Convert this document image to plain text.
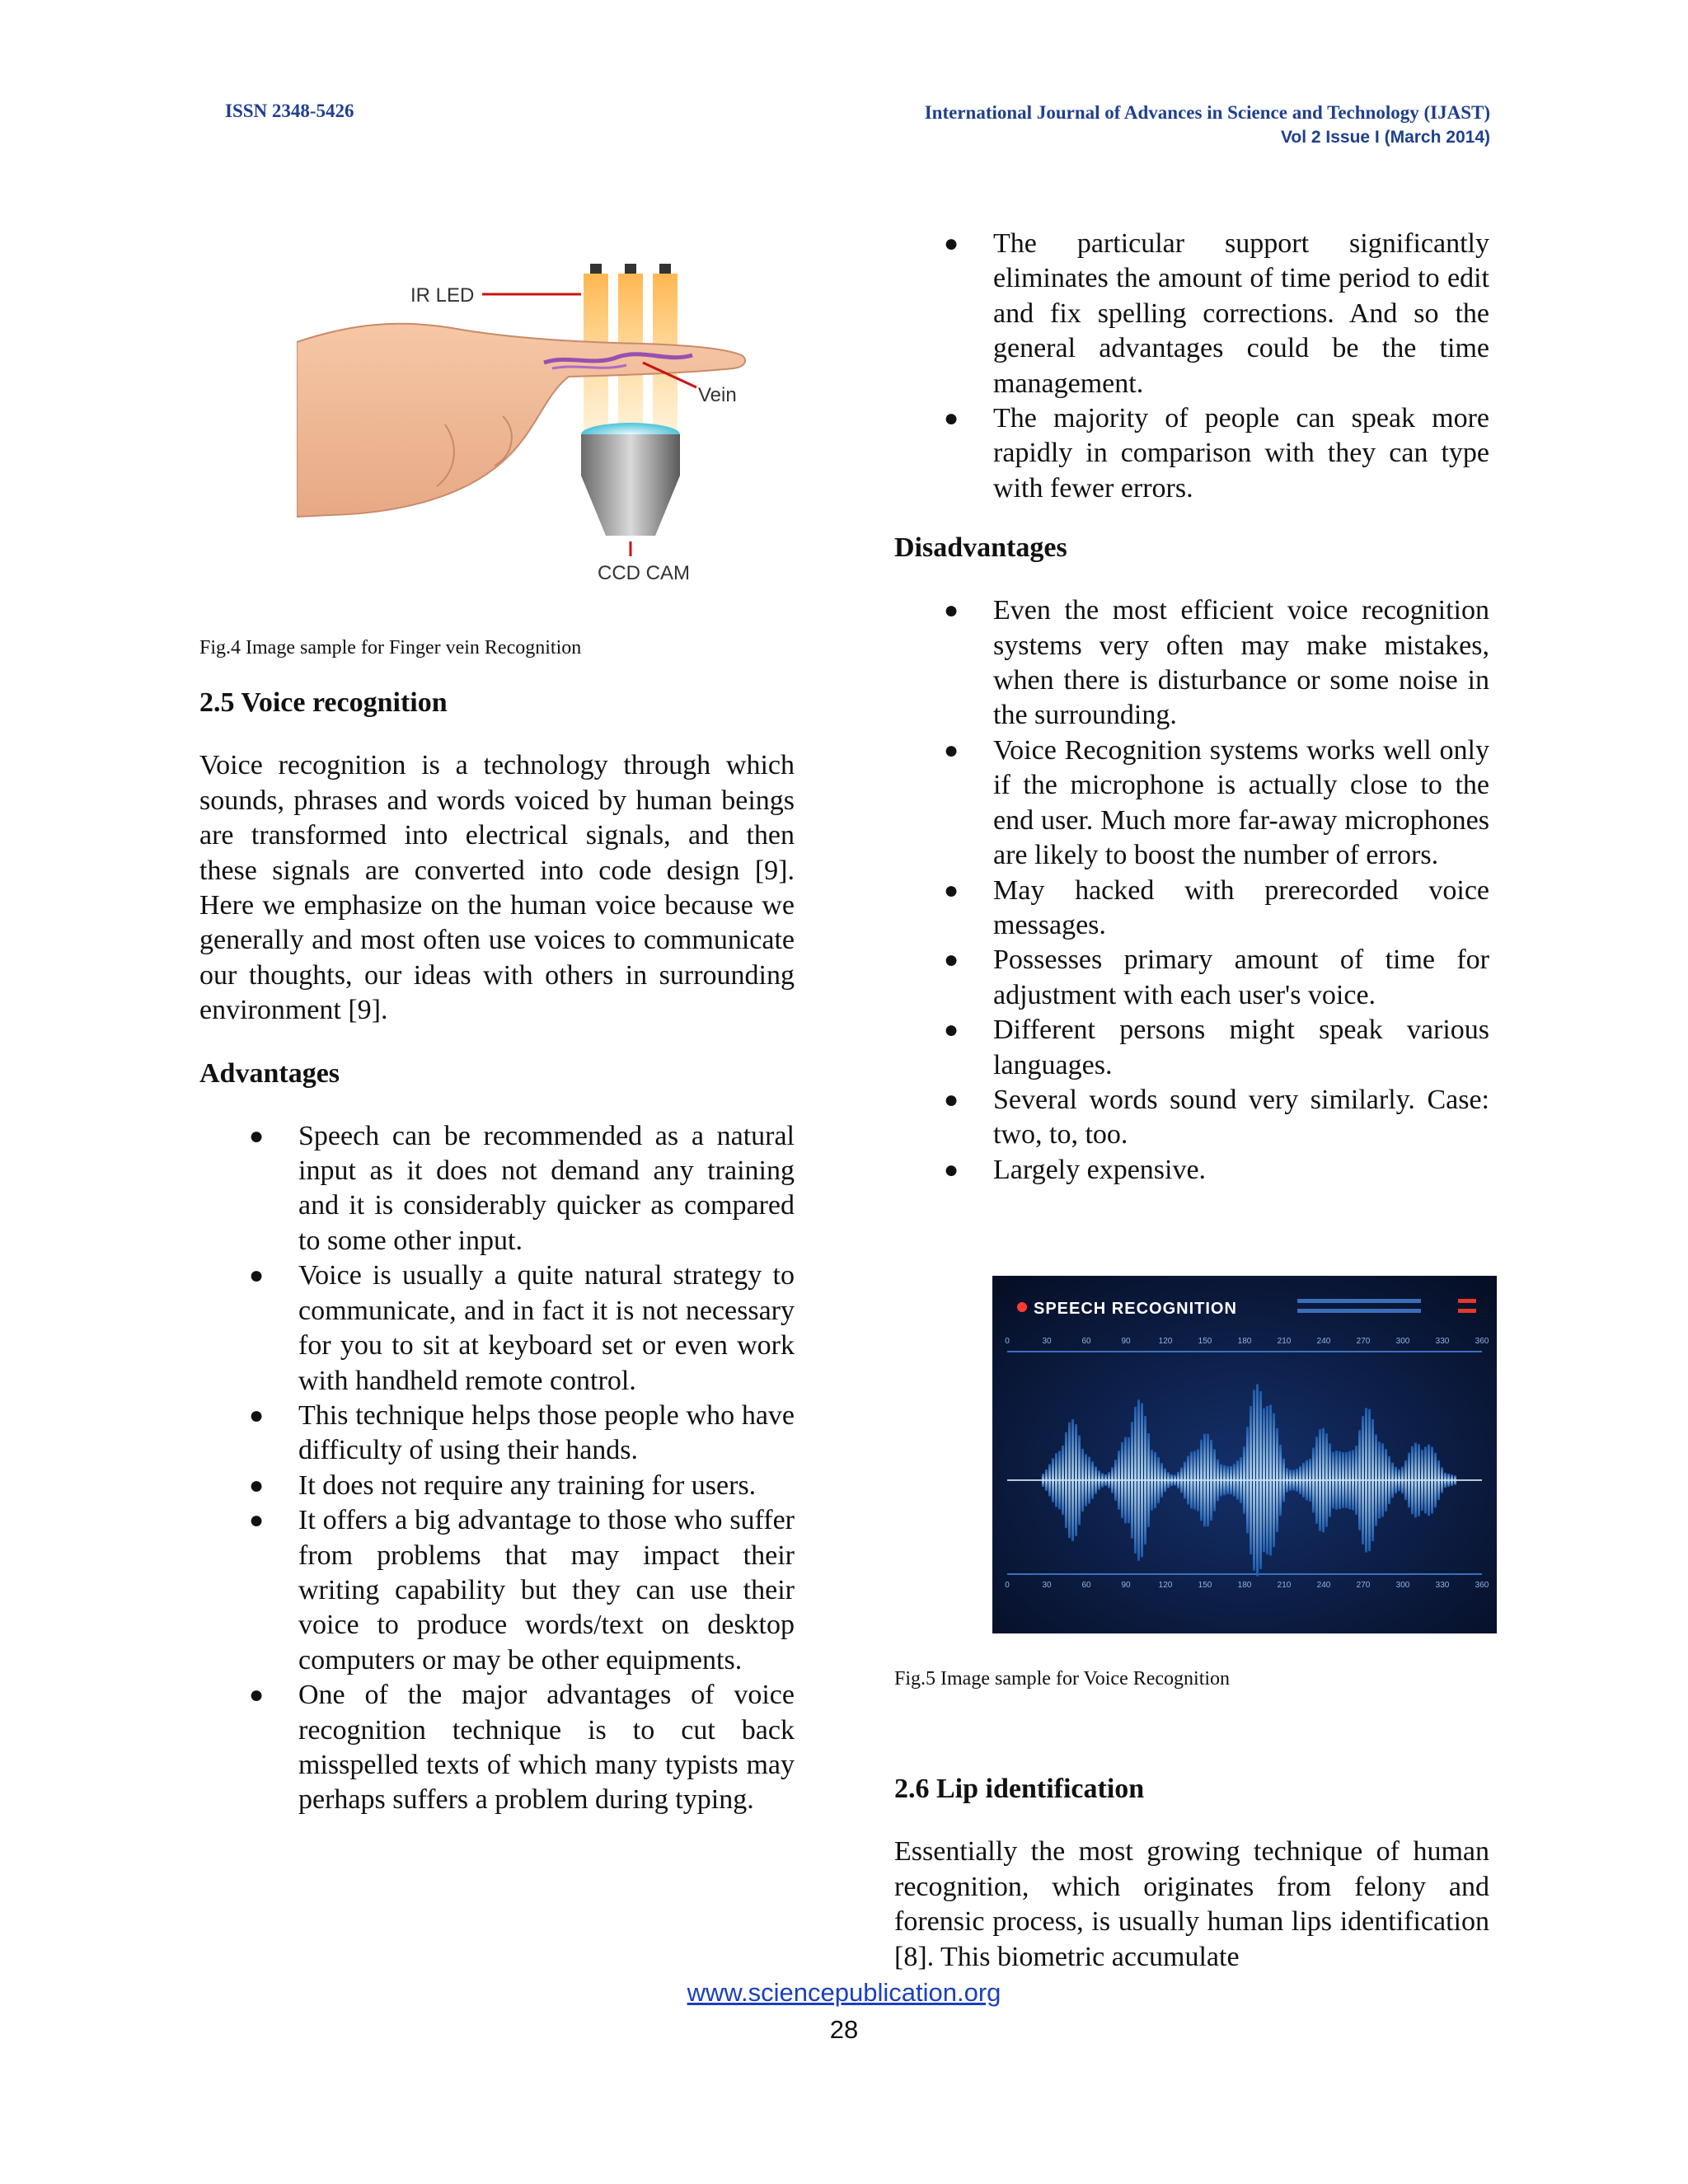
ISSN 2348-5426	International Journal of Advances in Science and Technology (IJAST)
Vol 2 Issue I (March 2014)
IR LED
Vein
CCD CAM

Fig.4 Image sample for Finger vein Recognition

2.5 Voice recognition

Voice recognition is a technology through which sounds, phrases and words voiced by human beings are transformed into electrical signals, and then these signals are converted into code design [9]. Here we emphasize on the human voice because we generally and most often use voices to communicate our thoughts, our ideas with others in surrounding environment [9].

Advantages
● Speech can be recommended as a natural input as it does not demand any training and it is considerably quicker as compared to some other input.
● Voice is usually a quite natural strategy to communicate, and in fact it is not necessary for you to sit at keyboard set or even work with handheld remote control.
● This technique helps those people who have difficulty of using their hands.
● It does not require any training for users.
● It offers a big advantage to those who suffer from problems that may impact their writing capability but they can use their voice to produce words/text on desktop computers or may be other equipments.
● One of the major advantages of voice recognition technique is to cut back misspelled texts of which many typists may perhaps suffers a problem during typing.
● The particular support significantly eliminates the amount of time period to edit and fix spelling corrections. And so the general advantages could be the time management.
● The majority of people can speak more rapidly in comparison with they can type with fewer errors.
Disadvantages
● Even the most efficient voice recognition systems very often may make mistakes, when there is disturbance or some noise in the surrounding.
● Voice Recognition systems works well only if the microphone is actually close to the end user. Much more far-away microphones are likely to boost the number of errors.
● May hacked with prerecorded voice messages.
● Possesses primary amount of time for adjustment with each user's voice.
● Different persons might speak various languages.
● Several words sound very similarly. Case: two, to, too.
● Largely expensive.
SPEECH RECOGNITION
0	30	60	90	120	150	180	210	240	270	300	330	360
0	30	60	90	120	150	180	210	240	270	300	330	360

Fig.5 Image sample for Voice Recognition

2.6 Lip identification

Essentially the most growing technique of human recognition, which originates from felony and forensic process, is usually human lips identification [8]. This biometric accumulate

www.sciencepublication.org
28
